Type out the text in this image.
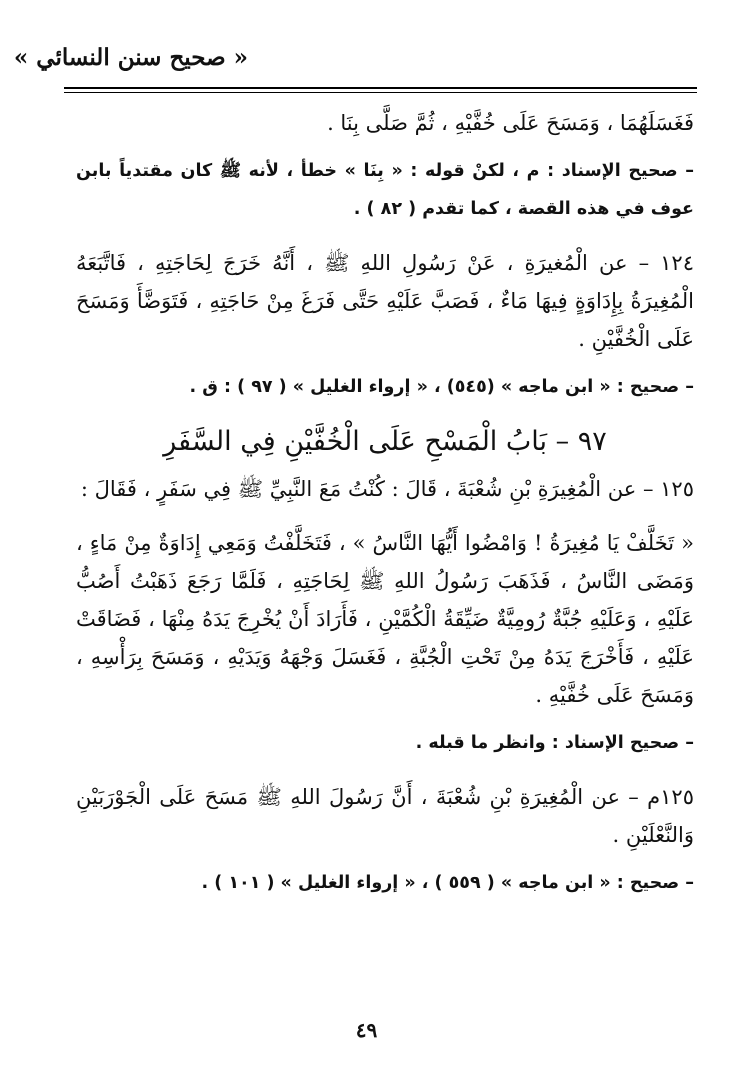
« صحيح سنن النسائي »

فَغَسَلَهُمَا ، وَمَسَحَ عَلَى خُفَّيْهِ ، ثُمَّ صَلَّى بِنَا .

– صحيح الإسناد : م ، لكنْ قوله : « بِنَا » خطأ ، لأنه ﷺ كان مقتدياً بابن عوف في هذه القصة ، كما تقدم ( ٨٢ ) .

١٢٤ – عن الْمُغيرَةِ ، عَنْ رَسُولِ اللهِ ﷺ ، أَنَّهُ خَرَجَ لِحَاجَتِهِ ، فَاتَّبَعَهُ الْمُغِيرَةُ بِإِدَاوَةٍ فِيهَا مَاءٌ ، فَصَبَّ عَلَيْهِ حَتَّى فَرَغَ مِنْ حَاجَتِهِ ، فَتَوَضَّأَ وَمَسَحَ عَلَى الْخُفَّيْنِ .

– صحيح : « ابن ماجه » (٥٤٥) ، « إرواء الغليل » ( ٩٧ ) : ق .

٩٧ – بَابُ الْمَسْحِ عَلَى الْخُفَّيْنِ فِي السَّفَرِ

١٢٥ – عن الْمُغِيرَةِ بْنِ شُعْبَةَ ، قَالَ : كُنْتُ مَعَ النَّبِيِّ ﷺ فِي سَفَرٍ ، فَقَالَ :

« تَخَلَّفْ يَا مُغِيرَةُ ! وَامْضُوا أَيُّهَا النَّاسُ » ، فَتَخَلَّفْتُ وَمَعِي إِدَاوَةٌ مِنْ مَاءٍ ، وَمَضَى النَّاسُ ، فَذَهَبَ رَسُولُ اللهِ ﷺ لِحَاجَتِهِ ، فَلَمَّا رَجَعَ ذَهَبْتُ أَصُبُّ عَلَيْهِ ، وَعَلَيْهِ جُبَّةٌ رُومِيَّةٌ ضَيِّقَةُ الْكُمَّيْنِ ، فَأَرَادَ أَنْ يُخْرِجَ يَدَهُ مِنْهَا ، فَضَاقَتْ عَلَيْهِ ، فَأَخْرَجَ يَدَهُ مِنْ تَحْتِ الْجُبَّةِ ، فَغَسَلَ وَجْهَهُ وَيَدَيْهِ ، وَمَسَحَ بِرَأْسِهِ ، وَمَسَحَ عَلَى خُفَّيْهِ .

– صحيح الإسناد : وانظر ما قبله .

١٢٥م – عن الْمُغِيرَةِ بْنِ شُعْبَةَ ، أَنَّ رَسُولَ اللهِ ﷺ مَسَحَ عَلَى الْجَوْرَبَيْنِ وَالنَّعْلَيْنِ .

– صحيح : « ابن ماجه » ( ٥٥٩ ) ، « إرواء الغليل » ( ١٠١ ) .

٤٩
